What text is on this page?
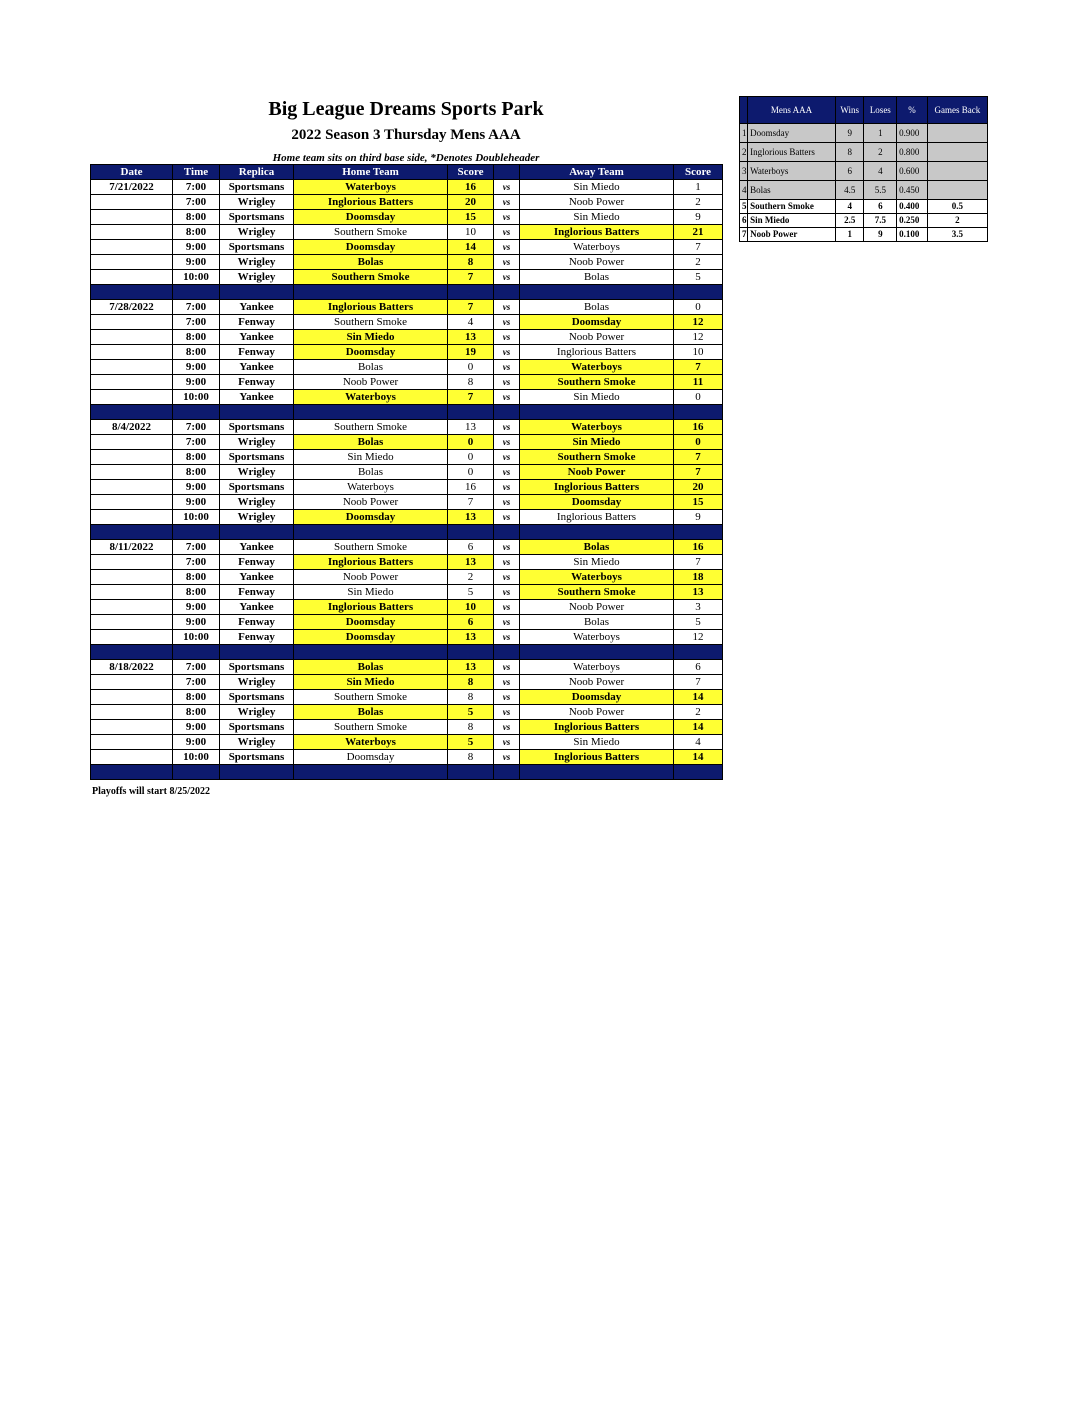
Big League Dreams Sports Park
2022 Season 3 Thursday Mens AAA
Home team sits on third base side, *Denotes Doubleheader
Date	Time	Replica	Home Team	Score		Away Team	Score
7/21/2022	7:00	Sportsmans	Waterboys	16	vs	Sin Miedo	1
	7:00	Wrigley	Inglorious Batters	20	vs	Noob Power	2
	8:00	Sportsmans	Doomsday	15	vs	Sin Miedo	9
	8:00	Wrigley	Southern Smoke	10	vs	Inglorious Batters	21
	9:00	Sportsmans	Doomsday	14	vs	Waterboys	7
	9:00	Wrigley	Bolas	8	vs	Noob Power	2
	10:00	Wrigley	Southern Smoke	7	vs	Bolas	5

7/28/2022	7:00	Yankee	Inglorious Batters	7	vs	Bolas	0
	7:00	Fenway	Southern Smoke	4	vs	Doomsday	12
	8:00	Yankee	Sin Miedo	13	vs	Noob Power	12
	8:00	Fenway	Doomsday	19	vs	Inglorious Batters	10
	9:00	Yankee	Bolas	0	vs	Waterboys	7
	9:00	Fenway	Noob Power	8	vs	Southern Smoke	11
	10:00	Yankee	Waterboys	7	vs	Sin Miedo	0

8/4/2022	7:00	Sportsmans	Southern Smoke	13	vs	Waterboys	16
	7:00	Wrigley	Bolas	0	vs	Sin Miedo	0
	8:00	Sportsmans	Sin Miedo	0	vs	Southern Smoke	7
	8:00	Wrigley	Bolas	0	vs	Noob Power	7
	9:00	Sportsmans	Waterboys	16	vs	Inglorious Batters	20
	9:00	Wrigley	Noob Power	7	vs	Doomsday	15
	10:00	Wrigley	Doomsday	13	vs	Inglorious Batters	9

8/11/2022	7:00	Yankee	Southern Smoke	6	vs	Bolas	16
	7:00	Fenway	Inglorious Batters	13	vs	Sin Miedo	7
	8:00	Yankee	Noob Power	2	vs	Waterboys	18
	8:00	Fenway	Sin Miedo	5	vs	Southern Smoke	13
	9:00	Yankee	Inglorious Batters	10	vs	Noob Power	3
	9:00	Fenway	Doomsday	6	vs	Bolas	5
	10:00	Fenway	Doomsday	13	vs	Waterboys	12

8/18/2022	7:00	Sportsmans	Bolas	13	vs	Waterboys	6
	7:00	Wrigley	Sin Miedo	8	vs	Noob Power	7
	8:00	Sportsmans	Southern Smoke	8	vs	Doomsday	14
	8:00	Wrigley	Bolas	5	vs	Noob Power	2
	9:00	Sportsmans	Southern Smoke	8	vs	Inglorious Batters	14
	9:00	Wrigley	Waterboys	5	vs	Sin Miedo	4
	10:00	Sportsmans	Doomsday	8	vs	Inglorious Batters	14

	Mens AAA	Wins	Loses	%	Games Back
1	Doomsday	9	1	0.900	
2	Inglorious Batters	8	2	0.800	
3	Waterboys	6	4	0.600	
4	Bolas	4.5	5.5	0.450	
5	Southern Smoke	4	6	0.400	0.5
6	Sin Miedo	2.5	7.5	0.250	2
7	Noob Power	1	9	0.100	3.5
Playoffs will start 8/25/2022
